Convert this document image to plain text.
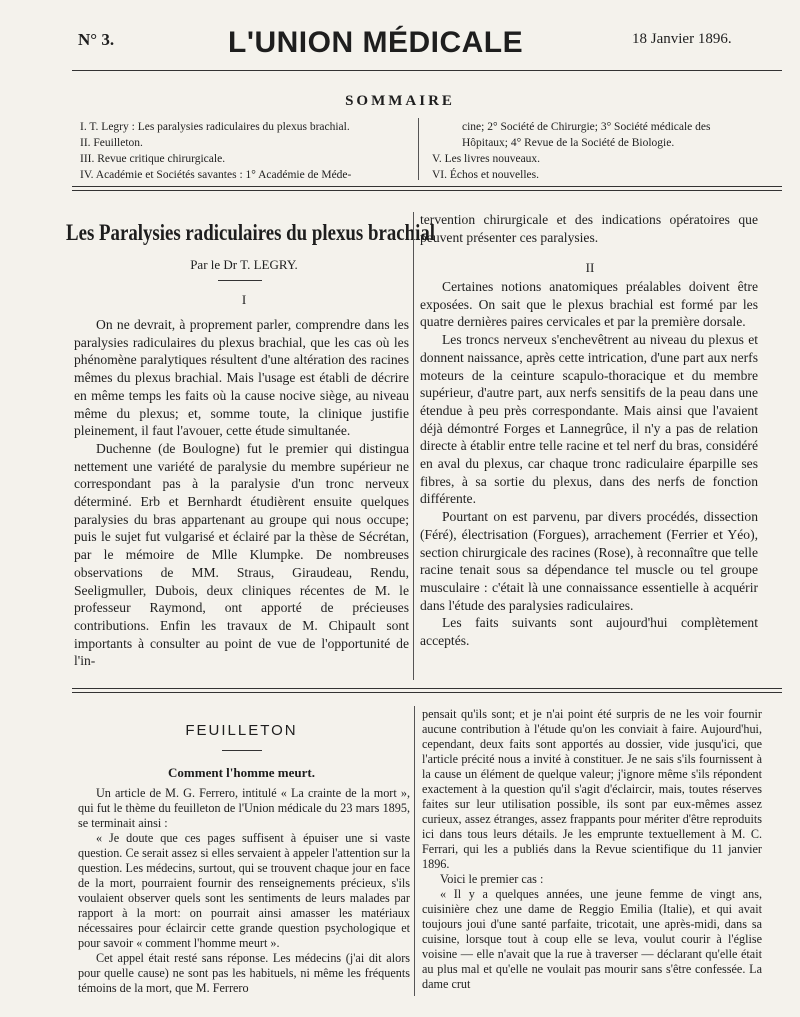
N° 3.	L'UNION MÉDICALE	18 Janvier 1896.
SOMMAIRE

I. T. Legry : Les paralysies radiculaires du plexus brachial.

II. Feuilleton.

III. Revue critique chirurgicale.

IV. Académie et Sociétés savantes : 1° Académie de Méde-

cine; 2° Société de Chirurgie; 3° Société médicale des

Hôpitaux; 4° Revue de la Société de Biologie.

V. Les livres nouveaux.

VI. Échos et nouvelles.

Les Paralysies radiculaires du plexus brachial
Par le Dr T. LEGRY.
I

On ne devrait, à proprement parler, comprendre dans les paralysies radiculaires du plexus brachial, que les cas où les phénomène paralytiques résultent d'une altération des racines mêmes du plexus brachial. Mais l'usage est établi de décrire en même temps les faits où la cause nocive siège, au niveau même du plexus; et, somme toute, la clinique justifie pleinement, il faut l'avouer, cette étude simultanée.

Duchenne (de Boulogne) fut le premier qui distingua nettement une variété de paralysie du membre supérieur ne correspondant pas à la paralysie d'un tronc nerveux déterminé. Erb et Bernhardt étudièrent ensuite quelques paralysies du bras appartenant au groupe qui nous occupe; puis le sujet fut vulgarisé et éclairé par la thèse de Sécrétan, par le mémoire de Mlle Klumpke. De nombreuses observations de MM. Straus, Giraudeau, Rendu, Seeligmuller, Dubois, deux cliniques récentes de M. le professeur Raymond, ont apporté de précieuses contributions. Enfin les travaux de M. Chipault sont importants à consulter au point de vue de l'opportunité de l'in-

tervention chirurgicale et des indications opératoires que peuvent présenter ces paralysies.

II

Certaines notions anatomiques préalables doivent être exposées. On sait que le plexus brachial est formé par les quatre dernières paires cervicales et par la première dorsale.

Les troncs nerveux s'enchevêtrent au niveau du plexus et donnent naissance, après cette intrication, d'une part aux nerfs moteurs de la ceinture scapulo-thoracique et du membre supérieur, d'autre part, aux nerfs sensitifs de la peau dans une étendue à peu près correspondante. Mais ainsi que l'avaient déjà démontré Forges et Lannegrûce, il n'y a pas de relation directe à établir entre telle racine et tel nerf du bras, considéré en aval du plexus, car chaque tronc radiculaire éparpille ses fibres, à sa sortie du plexus, dans des nerfs de fonction différente.

Pourtant on est parvenu, par divers procédés, dissection (Féré), électrisation (Forgues), arrachement (Ferrier et Yéo), section chirurgicale des racines (Rose), à reconnaître que telle racine tenait sous sa dépendance tel muscle ou tel groupe musculaire : c'était là une connaissance essentielle à acquérir dans l'étude des paralysies radiculaires.

Les faits suivants sont aujourd'hui complètement acceptés.

FEUILLETON
Comment l'homme meurt.

Un article de M. G. Ferrero, intitulé « La crainte de la mort », qui fut le thème du feuilleton de l'Union médicale du 23 mars 1895, se terminait ainsi :

« Je doute que ces pages suffisent à épuiser une si vaste question. Ce serait assez si elles servaient à appeler l'attention sur la question. Les médecins, surtout, qui se trouvent chaque jour en face de la mort, pourraient fournir des renseignements précieux, s'ils voulaient observer quels sont les sentiments de leurs malades par rapport à la mort: on pourrait ainsi amasser les matériaux nécessaires pour éclaircir cette grande question psychologique et pour savoir « comment l'homme meurt ».

Cet appel était resté sans réponse. Les médecins (j'ai dit alors pour quelle cause) ne sont pas les habituels, ni même les fréquents témoins de la mort, que M. Ferrero

pensait qu'ils sont; et je n'ai point été surpris de ne les voir fournir aucune contribution à l'étude qu'on les conviait à faire. Aujourd'hui, cependant, deux faits sont apportés au dossier, vide jusqu'ici, que l'article précité nous a invité à constituer. Je ne sais s'ils fournissent à la cause un élément de quelque valeur; j'ignore même s'ils répondent exactement à la question qu'il s'agit d'éclaircir, mais, toutes réserves faites sur leur utilisation possible, ils sont par eux-mêmes assez curieux, assez étranges, assez frappants pour mériter d'être reproduits ici dans tous leurs détails. Je les emprunte textuellement à M. C. Ferrari, qui les a publiés dans la Revue scientifique du 11 janvier 1896.

Voici le premier cas :

« Il y a quelques années, une jeune femme de vingt ans, cuisinière chez une dame de Reggio Emilia (Italie), et qui avait toujours joui d'une santé parfaite, tricotait, une après-midi, dans sa cuisine, lorsque tout à coup elle se leva, voulut courir à l'église voisine — elle n'avait que la rue à traverser — déclarant qu'elle était au plus mal et qu'elle ne voulait pas mourir sans s'être confessée. La dame crut
